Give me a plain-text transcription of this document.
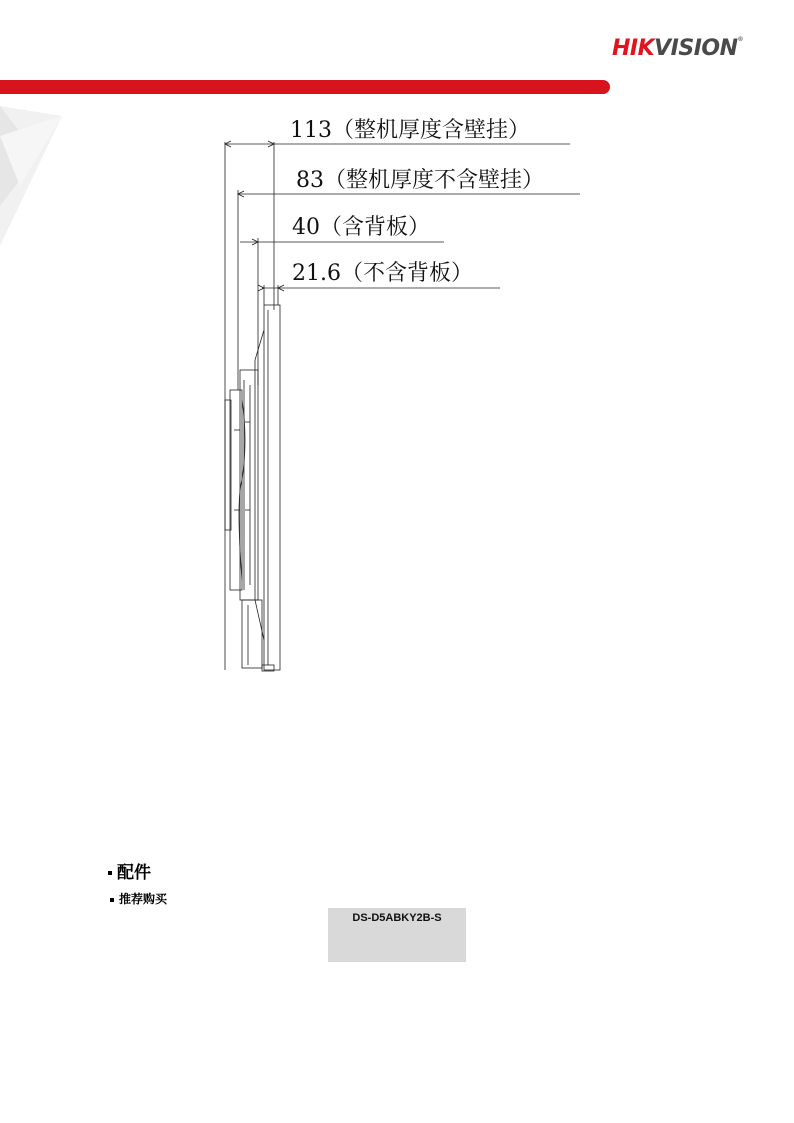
HIKVISION®
113（整机厚度含壁挂）
83（整机厚度不含壁挂）
40（含背板）
21.6（不含背板）
配件
推荐购买
DS-D5ABKY2B-S
